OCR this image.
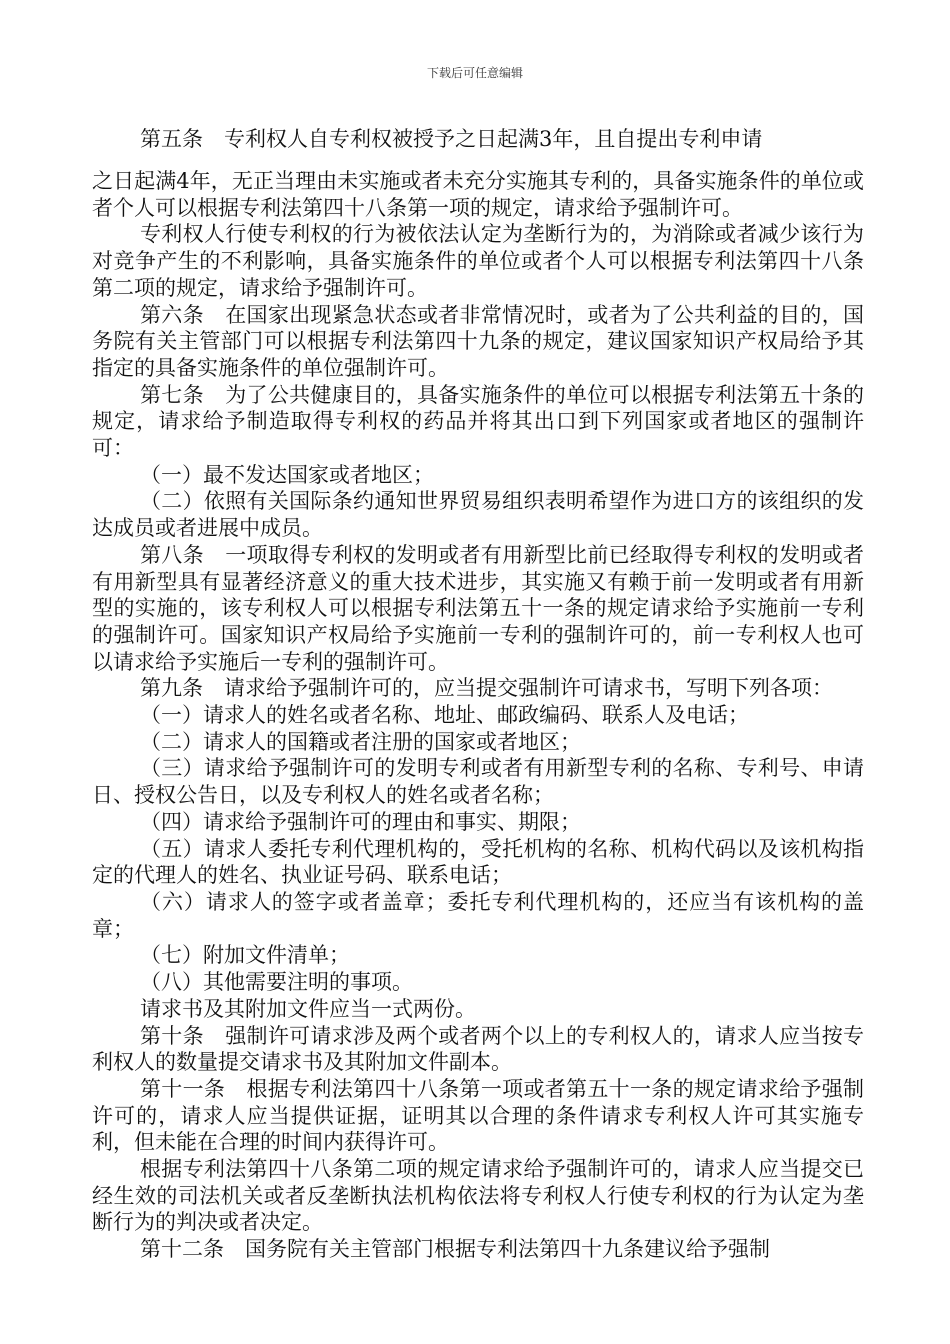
下载后可任意编辑

第五条　专利权人自专利权被授予之日起满3年，且自提出专利申请

之日起满4年，无正当理由未实施或者未充分实施其专利的，具备实施条件的单位或者个人可以根据专利法第四十八条第一项的规定，请求给予强制许可。

专利权人行使专利权的行为被依法认定为垄断行为的，为消除或者减少该行为对竞争产生的不利影响，具备实施条件的单位或者个人可以根据专利法第四十八条第二项的规定，请求给予强制许可。

第六条　在国家出现紧急状态或者非常情况时，或者为了公共利益的目的，国务院有关主管部门可以根据专利法第四十九条的规定，建议国家知识产权局给予其指定的具备实施条件的单位强制许可。

第七条　为了公共健康目的，具备实施条件的单位可以根据专利法第五十条的规定，请求给予制造取得专利权的药品并将其出口到下列国家或者地区的强制许可：

（一）最不发达国家或者地区；

（二）依照有关国际条约通知世界贸易组织表明希望作为进口方的该组织的发达成员或者进展中成员。

第八条　一项取得专利权的发明或者有用新型比前已经取得专利权的发明或者有用新型具有显著经济意义的重大技术进步，其实施又有赖于前一发明或者有用新型的实施的，该专利权人可以根据专利法第五十一条的规定请求给予实施前一专利的强制许可。国家知识产权局给予实施前一专利的强制许可的，前一专利权人也可以请求给予实施后一专利的强制许可。

第九条　请求给予强制许可的，应当提交强制许可请求书，写明下列各项：

（一）请求人的姓名或者名称、地址、邮政编码、联系人及电话；

（二）请求人的国籍或者注册的国家或者地区；

（三）请求给予强制许可的发明专利或者有用新型专利的名称、专利号、申请日、授权公告日，以及专利权人的姓名或者名称；

（四）请求给予强制许可的理由和事实、期限；

（五）请求人委托专利代理机构的，受托机构的名称、机构代码以及该机构指定的代理人的姓名、执业证号码、联系电话；

（六）请求人的签字或者盖章；委托专利代理机构的，还应当有该机构的盖章；

（七）附加文件清单；

（八）其他需要注明的事项。

请求书及其附加文件应当一式两份。

第十条　强制许可请求涉及两个或者两个以上的专利权人的，请求人应当按专利权人的数量提交请求书及其附加文件副本。

第十一条　根据专利法第四十八条第一项或者第五十一条的规定请求给予强制许可的，请求人应当提供证据，证明其以合理的条件请求专利权人许可其实施专利，但未能在合理的时间内获得许可。

根据专利法第四十八条第二项的规定请求给予强制许可的，请求人应当提交已经生效的司法机关或者反垄断执法机构依法将专利权人行使专利权的行为认定为垄断行为的判决或者决定。

第十二条　国务院有关主管部门根据专利法第四十九条建议给予强制
